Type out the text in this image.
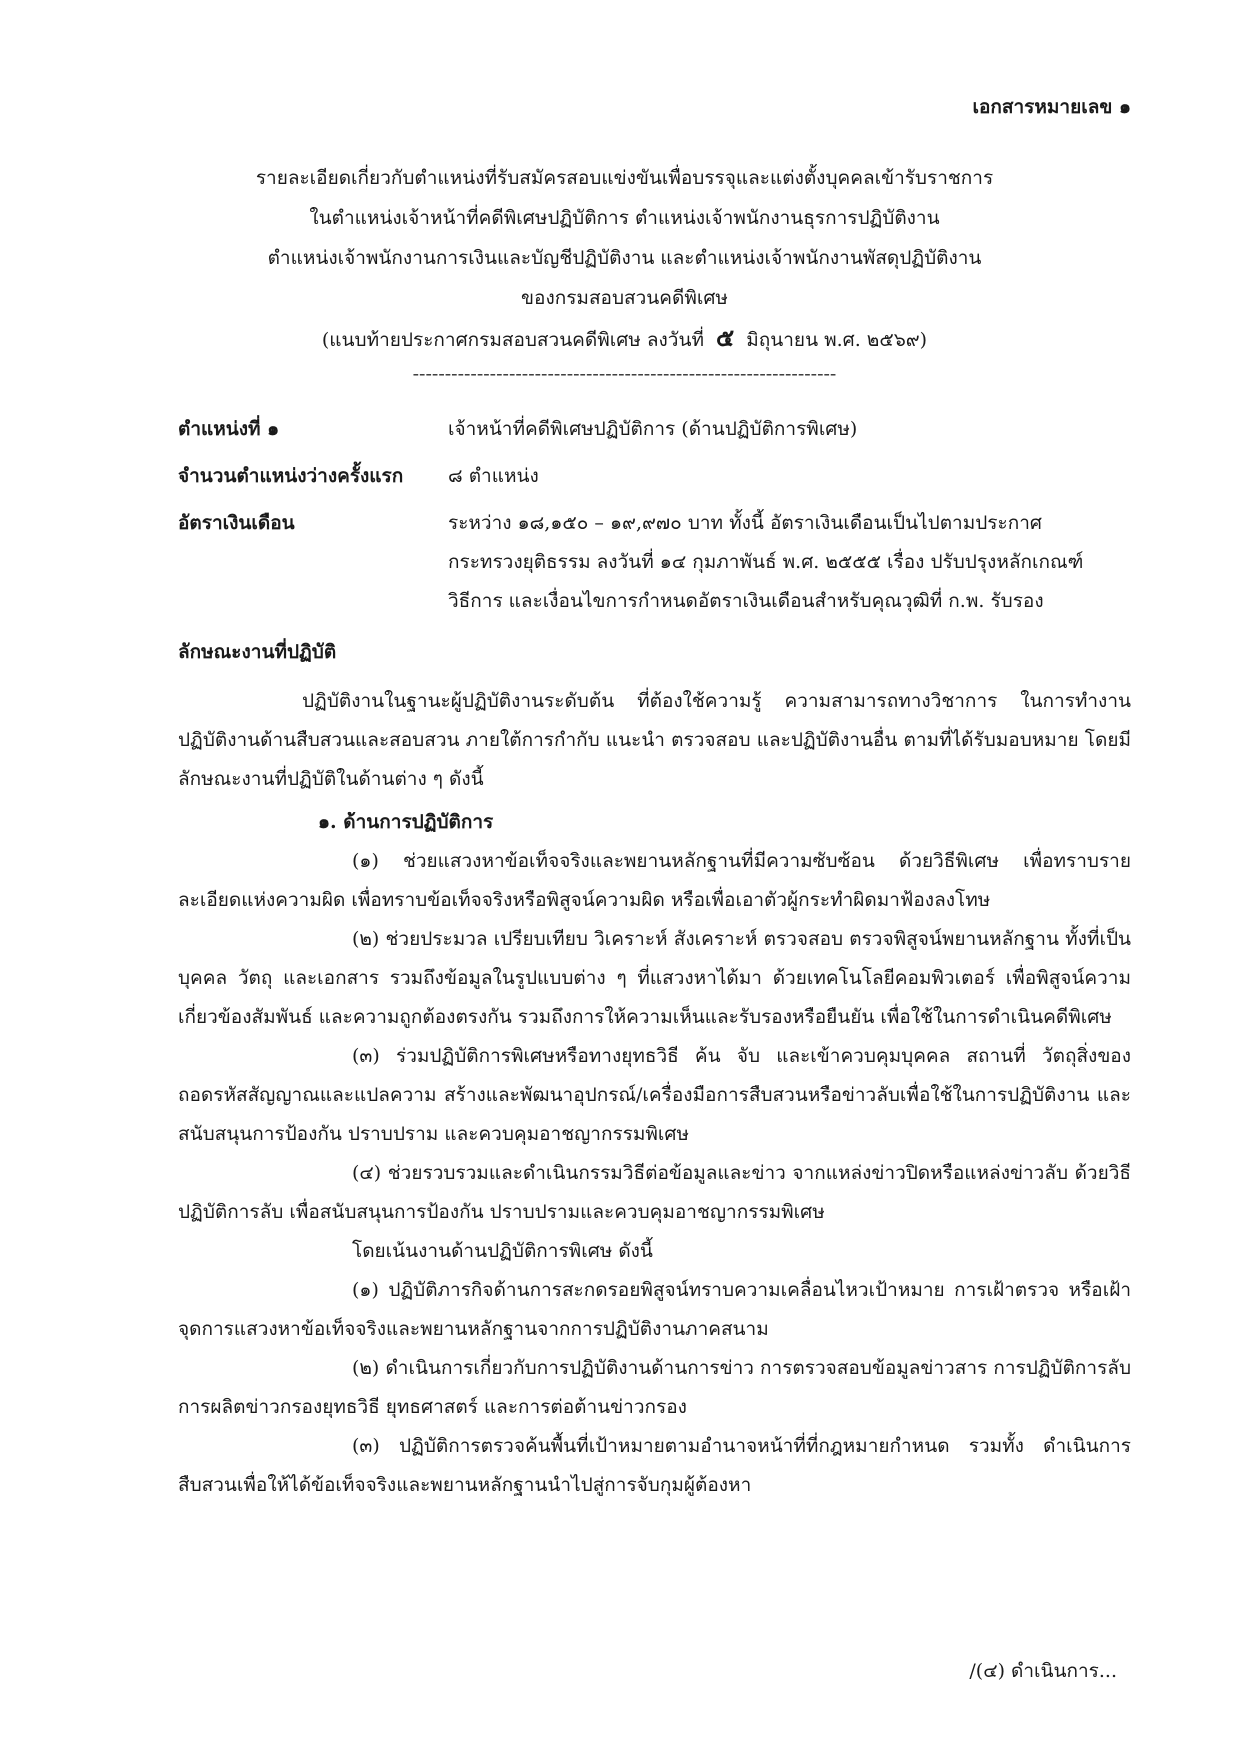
เอกสารหมายเลข ๑
รายละเอียดเกี่ยวกับตำแหน่งที่รับสมัครสอบแข่งขันเพื่อบรรจุและแต่งตั้งบุคคลเข้ารับราชการ
ในตำแหน่งเจ้าหน้าที่คดีพิเศษปฏิบัติการ ตำแหน่งเจ้าพนักงานธุรการปฏิบัติงาน
ตำแหน่งเจ้าพนักงานการเงินและบัญชีปฏิบัติงาน และตำแหน่งเจ้าพนักงานพัสดุปฏิบัติงาน
ของกรมสอบสวนคดีพิเศษ
(แนบท้ายประกาศกรมสอบสวนคดีพิเศษ ลงวันที่ ๕ มิถุนายน พ.ศ. ๒๕๖๙)
------------------------------------------------------------------
ตำแหน่งที่ ๑	เจ้าหน้าที่คดีพิเศษปฏิบัติการ (ด้านปฏิบัติการพิเศษ)
จำนวนตำแหน่งว่างครั้งแรก	๘ ตำแหน่ง
อัตราเงินเดือน	ระหว่าง ๑๘,๑๕๐ – ๑๙,๙๗๐ บาท ทั้งนี้ อัตราเงินเดือนเป็นไปตามประกาศ
กระทรวงยุติธรรม ลงวันที่ ๑๔ กุมภาพันธ์ พ.ศ. ๒๕๕๕ เรื่อง ปรับปรุงหลักเกณฑ์
วิธีการ และเงื่อนไขการกำหนดอัตราเงินเดือนสำหรับคุณวุฒิที่ ก.พ. รับรอง
ลักษณะงานที่ปฏิบัติ
ปฏิบัติงานในฐานะผู้ปฏิบัติงานระดับต้น ที่ต้องใช้ความรู้ ความสามารถทางวิชาการ ในการทำงาน ปฏิบัติงานด้านสืบสวนและสอบสวน ภายใต้การกำกับ แนะนำ ตรวจสอบ และปฏิบัติงานอื่น ตามที่ได้รับมอบหมาย โดยมีลักษณะงานที่ปฏิบัติในด้านต่าง ๆ ดังนี้
๑. ด้านการปฏิบัติการ
(๑) ช่วยแสวงหาข้อเท็จจริงและพยานหลักฐานที่มีความซับซ้อน ด้วยวิธีพิเศษ เพื่อทราบรายละเอียดแห่งความผิด เพื่อทราบข้อเท็จจริงหรือพิสูจน์ความผิด หรือเพื่อเอาตัวผู้กระทำผิดมาฟ้องลงโทษ
(๒) ช่วยประมวล เปรียบเทียบ วิเคราะห์ สังเคราะห์ ตรวจสอบ ตรวจพิสูจน์พยานหลักฐาน ทั้งที่เป็นบุคคล วัตถุ และเอกสาร รวมถึงข้อมูลในรูปแบบต่าง ๆ ที่แสวงหาได้มา ด้วยเทคโนโลยีคอมพิวเตอร์ เพื่อพิสูจน์ความเกี่ยวข้องสัมพันธ์ และความถูกต้องตรงกัน รวมถึงการให้ความเห็นและรับรองหรือยืนยัน เพื่อใช้ในการดำเนินคดีพิเศษ
(๓) ร่วมปฏิบัติการพิเศษหรือทางยุทธวิธี ค้น จับ และเข้าควบคุมบุคคล สถานที่ วัตถุสิ่งของ ถอดรหัสสัญญาณและแปลความ สร้างและพัฒนาอุปกรณ์/เครื่องมือการสืบสวนหรือข่าวลับเพื่อใช้ในการปฏิบัติงาน และสนับสนุนการป้องกัน ปราบปราม และควบคุมอาชญากรรมพิเศษ
(๔) ช่วยรวบรวมและดำเนินกรรมวิธีต่อข้อมูลและข่าว จากแหล่งข่าวปิดหรือแหล่งข่าวลับ ด้วยวิธีปฏิบัติการลับ เพื่อสนับสนุนการป้องกัน ปราบปรามและควบคุมอาชญากรรมพิเศษ
โดยเน้นงานด้านปฏิบัติการพิเศษ ดังนี้
(๑) ปฏิบัติภารกิจด้านการสะกดรอยพิสูจน์ทราบความเคลื่อนไหวเป้าหมาย การเฝ้าตรวจ หรือเฝ้าจุดการแสวงหาข้อเท็จจริงและพยานหลักฐานจากการปฏิบัติงานภาคสนาม
(๒) ดำเนินการเกี่ยวกับการปฏิบัติงานด้านการข่าว การตรวจสอบข้อมูลข่าวสาร การปฏิบัติการลับ การผลิตข่าวกรองยุทธวิธี ยุทธศาสตร์ และการต่อต้านข่าวกรอง
(๓) ปฏิบัติการตรวจค้นพื้นที่เป้าหมายตามอำนาจหน้าที่ที่กฎหมายกำหนด รวมทั้ง ดำเนินการสืบสวนเพื่อให้ได้ข้อเท็จจริงและพยานหลักฐานนำไปสู่การจับกุมผู้ต้องหา
/(๔) ดำเนินการ...
